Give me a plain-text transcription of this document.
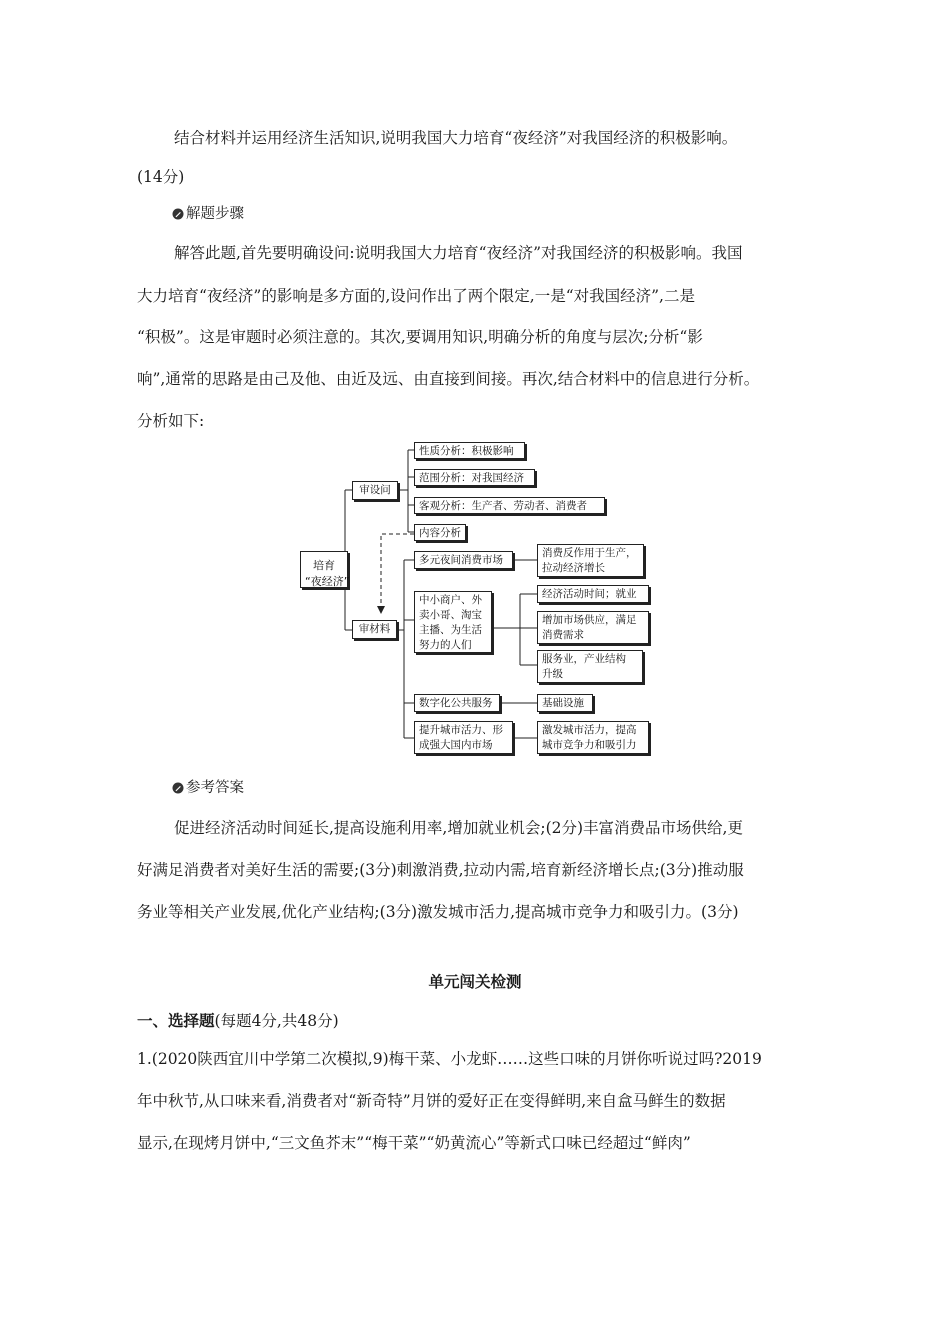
结合材料并运用经济生活知识,说明我国大力培育“夜经济”对我国经济的积极影响。
(14分)
解题步骤
解答此题,首先要明确设问:说明我国大力培育“夜经济”对我国经济的积极影响。我国
大力培育“夜经济”的影响是多方面的,设问作出了两个限定,一是“对我国经济”,二是
“积极”。这是审题时必须注意的。其次,要调用知识,明确分析的角度与层次;分析“影
响”,通常的思路是由己及他、由近及远、由直接到间接。再次,结合材料中的信息进行分析。
分析如下:
培育
“夜经济”
审设问
审材料
性质分析：积极影响
范围分析：对我国经济
客观分析：生产者、劳动者、消费者
内容分析
多元夜间消费市场
消费反作用于生产，
拉动经济增长
中小商户、外
卖小哥、淘宝
主播、为生活
努力的人们
经济活动时间；就业
增加市场供应，满足
消费需求
服务业，产业结构
升级
数字化公共服务	基础设施
提升城市活力、形
成强大国内市场
激发城市活力，提高
城市竞争力和吸引力
参考答案
促进经济活动时间延长,提高设施利用率,增加就业机会;(2分)丰富消费品市场供给,更
好满足消费者对美好生活的需要;(3分)刺激消费,拉动内需,培育新经济增长点;(3分)推动服
务业等相关产业发展,优化产业结构;(3分)激发城市活力,提高城市竞争力和吸引力。(3分)
单元闯关检测
一、选择题(每题4分,共48分)
1.(2020陕西宜川中学第二次模拟,9)梅干菜、小龙虾……这些口味的月饼你听说过吗?2019
年中秋节,从口味来看,消费者对“新奇特”月饼的爱好正在变得鲜明,来自盒马鲜生的数据
显示,在现烤月饼中,“三文鱼芥末”“梅干菜”“奶黄流心”等新式口味已经超过“鲜肉”
